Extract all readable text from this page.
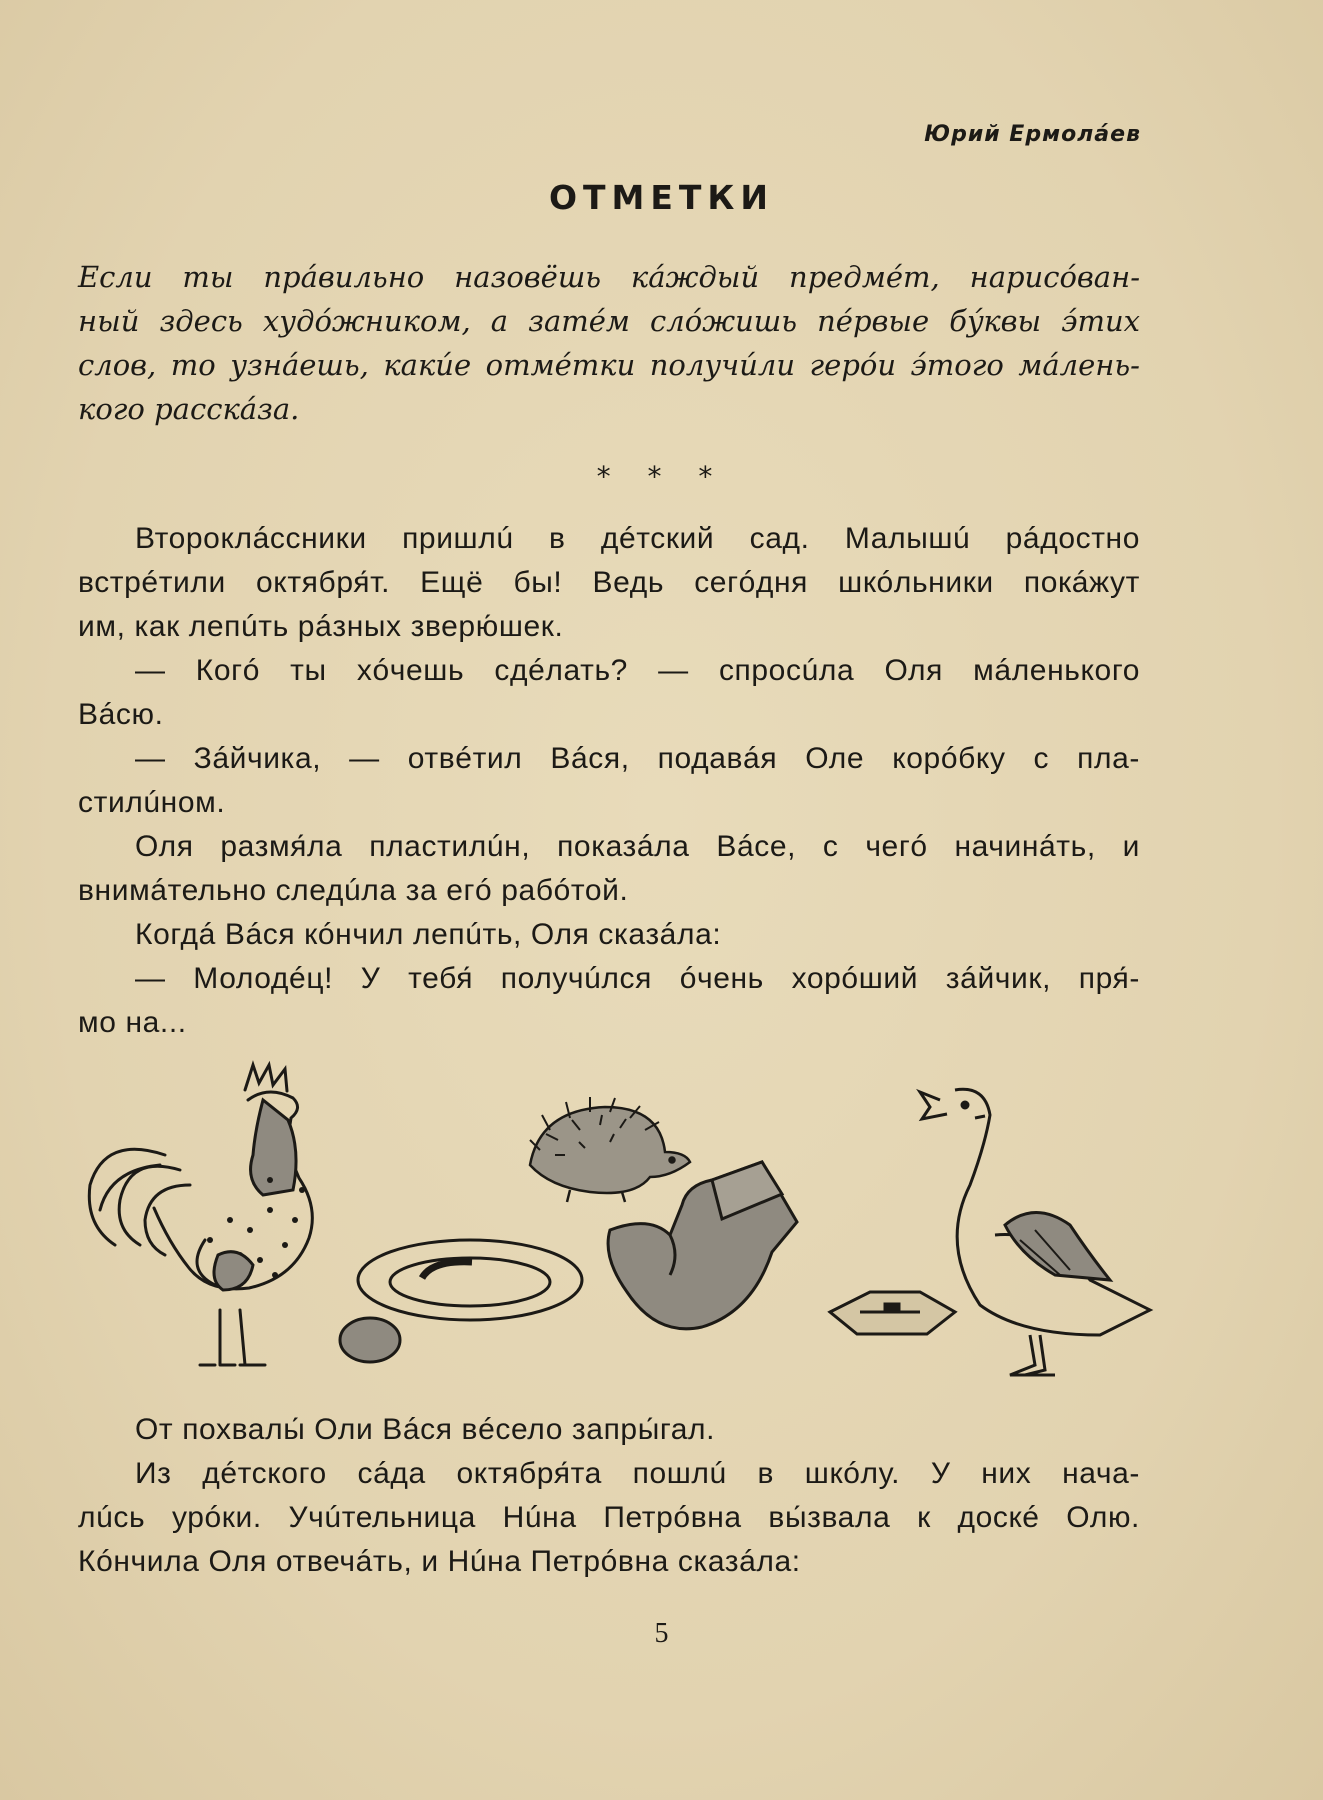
Юрий Ермолáев
ОТМЕТКИ
Если ты прáвильно назовёшь кáждый предмéт, нарисóван-
ный здесь худóжником, а затéм слóжишь пéрвые бýквы э́тих
слов, то узнáешь, какúе отмéтки получúли герóи э́того мáлень-
кого расскáза.
* * *
Второклáссники пришлú в дéтский сад. Малышú рáдостно
встрéтили октября́т. Ещё бы! Ведь сегóдня шкóльники покáжут
им, как лепúть рáзных зверю́шек.
— Когó ты хóчешь сдéлать? — спросúла Оля мáленького
Вáсю.
— Зáйчика, — отвéтил Вáся, подавáя Оле корóбку с пла-
стилúном.
Оля размя́ла пластилúн, показáла Вáсе, с чегó начинáть, и
внимáтельно следúла за егó рабóтой.
Когдá Вáся кóнчил лепúть, Оля сказáла:
— Молодéц! У тебя́ получúлся óчень хорóший зáйчик, пря́-
мо на...
От похвалы́ Оли Вáся вéсело запры́гал.
Из дéтского сáда октября́та пошлú в шкóлу. У них нача-
лúсь урóки. Учúтельница Нúна Петрóвна вы́звала к доскé Олю.
Кóнчила Оля отвечáть, и Нúна Петрóвна сказáла:
5
